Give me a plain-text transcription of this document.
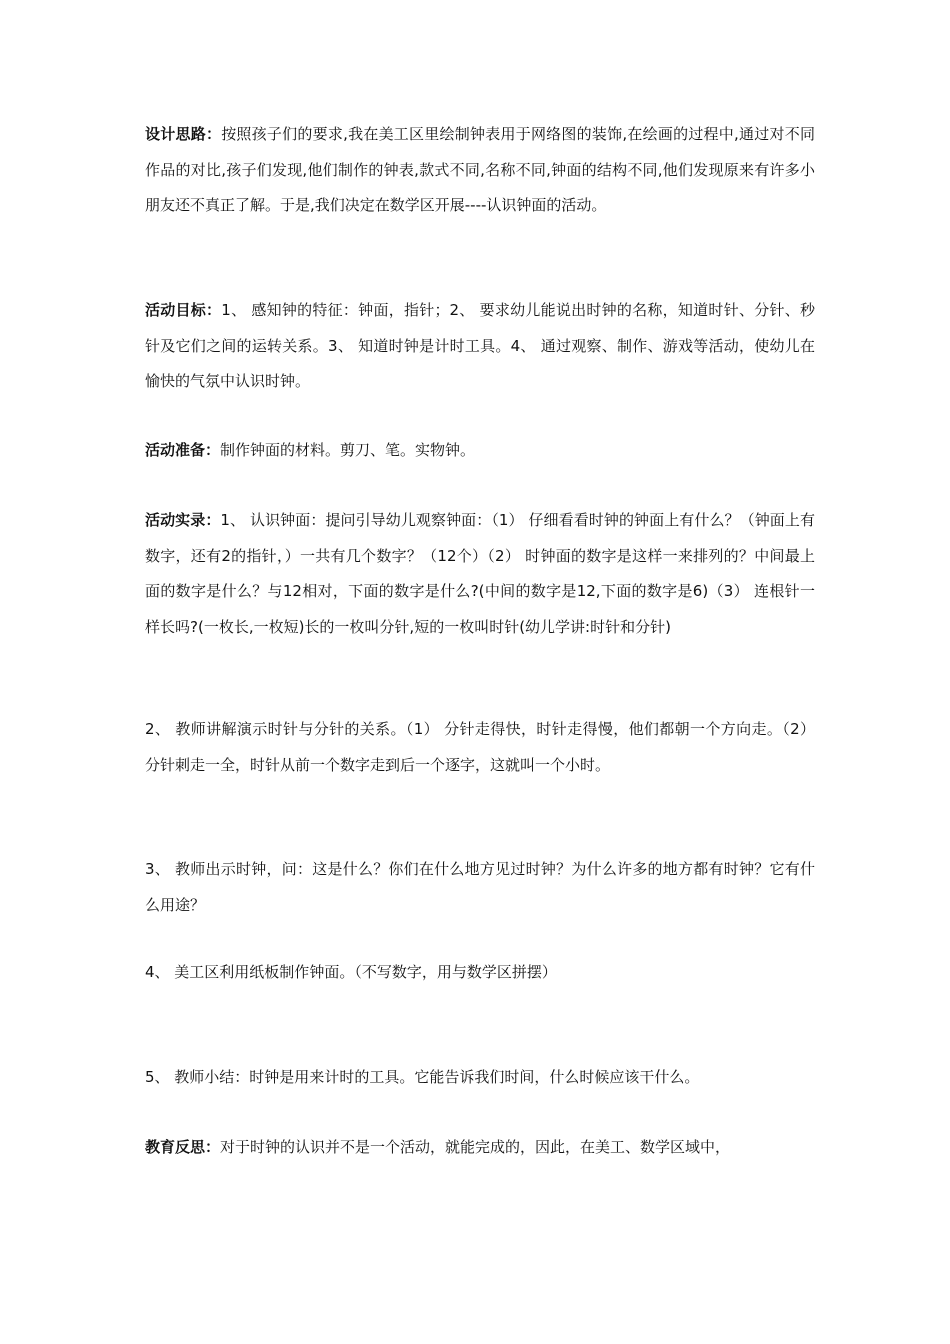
设计思路：按照孩子们的要求,我在美工区里绘制钟表用于网络图的装饰,在绘画的过程中,通过对不同作品的对比,孩子们发现,他们制作的钟表,款式不同,名称不同,钟面的结构不同,他们发现原来有许多小朋友还不真正了解。于是,我们决定在数学区开展----认识钟面的活动。

活动目标：1、 感知钟的特征：钟面，指针；2、 要求幼儿能说出时钟的名称，知道时针、分针、秒针及它们之间的运转关系。3、 知道时钟是计时工具。4、 通过观察、制作、游戏等活动，使幼儿在愉快的气氛中认识时钟。

活动准备：制作钟面的材料。剪刀、笔。实物钟。

活动实录：1、 认识钟面：提问引导幼儿观察钟面：（1） 仔细看看时钟的钟面上有什么？（钟面上有数字，还有2的指针，）一共有几个数字？（12个）（2） 时钟面的数字是这样一来排列的？中间最上面的数字是什么？与12相对，下面的数字是什么?(中间的数字是12,下面的数字是6)（3） 连根针一样长吗?(一枚长,一枚短)长的一枚叫分针,短的一枚叫时针(幼儿学讲:时针和分针)

2、 教师讲解演示时针与分针的关系。（1） 分针走得快，时针走得慢，他们都朝一个方向走。（2） 分针刺走一全，时针从前一个数字走到后一个逐字，这就叫一个小时。

3、 教师出示时钟，问：这是什么？你们在什么地方见过时钟？为什么许多的地方都有时钟？它有什么用途？

4、 美工区利用纸板制作钟面。（不写数字，用与数学区拼摆）

5、 教师小结：时钟是用来计时的工具。它能告诉我们时间，什么时候应该干什么。

教育反思：对于时钟的认识并不是一个活动，就能完成的，因此，在美工、数学区域中，
